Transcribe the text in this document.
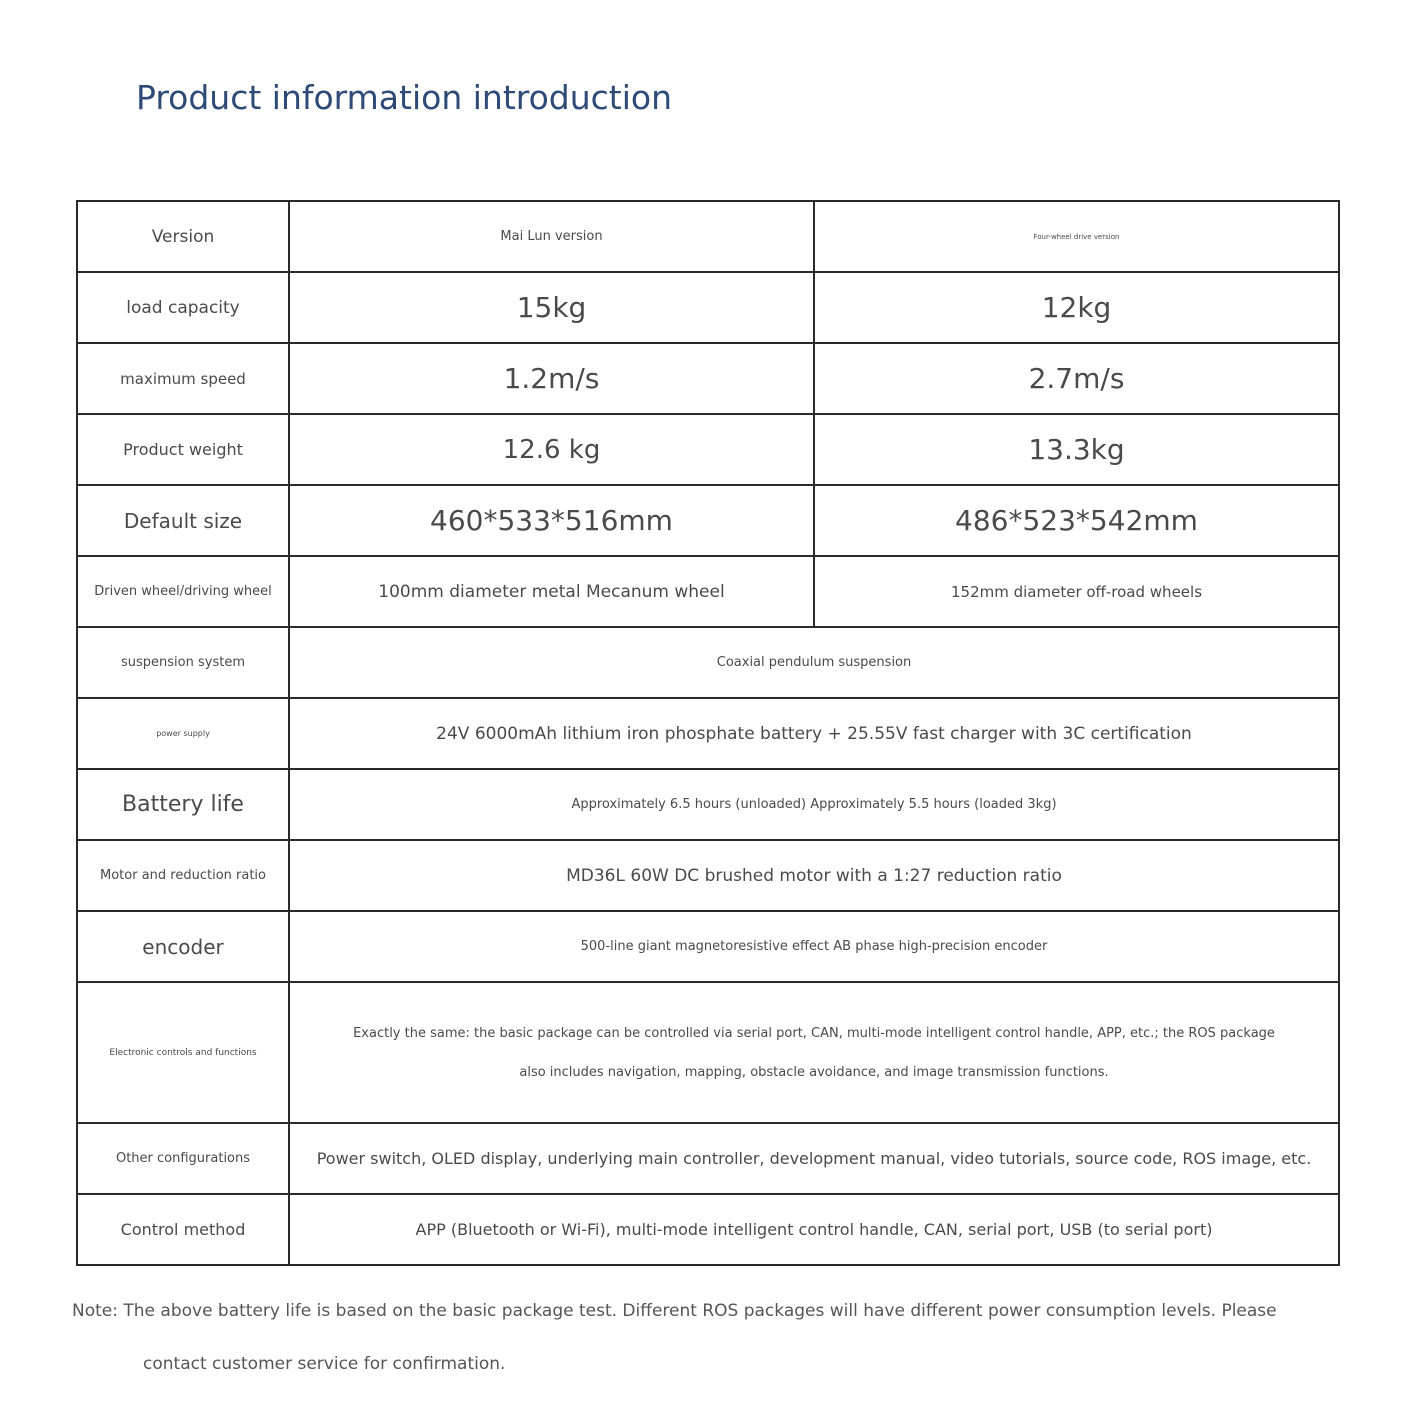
Product information introduction
Version	Mai Lun version	Four-wheel drive version
load capacity	15kg	12kg
maximum speed	1.2m/s	2.7m/s
Product weight	12.6 kg	13.3kg
Default size	460*533*516mm	486*523*542mm
Driven wheel/driving wheel	100mm diameter metal Mecanum wheel	152mm diameter off-road wheels
suspension system	Coaxial pendulum suspension	
power supply	24V 6000mAh lithium iron phosphate battery + 25.55V fast charger with 3C certification	
Battery life	Approximately 6.5 hours (unloaded) Approximately 5.5 hours (loaded 3kg)	
Motor and reduction ratio	MD36L 60W DC brushed motor with a 1:27 reduction ratio	
encoder	500-line giant magnetoresistive effect AB phase high-precision encoder	
Electronic controls and functions	Exactly the same: the basic package can be controlled via serial port, CAN, multi-mode intelligent control handle, APP, etc.; the ROS package
also includes navigation, mapping, obstacle avoidance, and image transmission functions.	

Other configurations	Power switch, OLED display, underlying main controller, development manual, video tutorials, source code, ROS image, etc.	
Control method	APP (Bluetooth or Wi-Fi), multi-mode intelligent control handle, CAN, serial port, USB (to serial port)	

Note: The above battery life is based on the basic package test. Different ROS packages will have different power consumption levels. Please
contact customer service for confirmation.
